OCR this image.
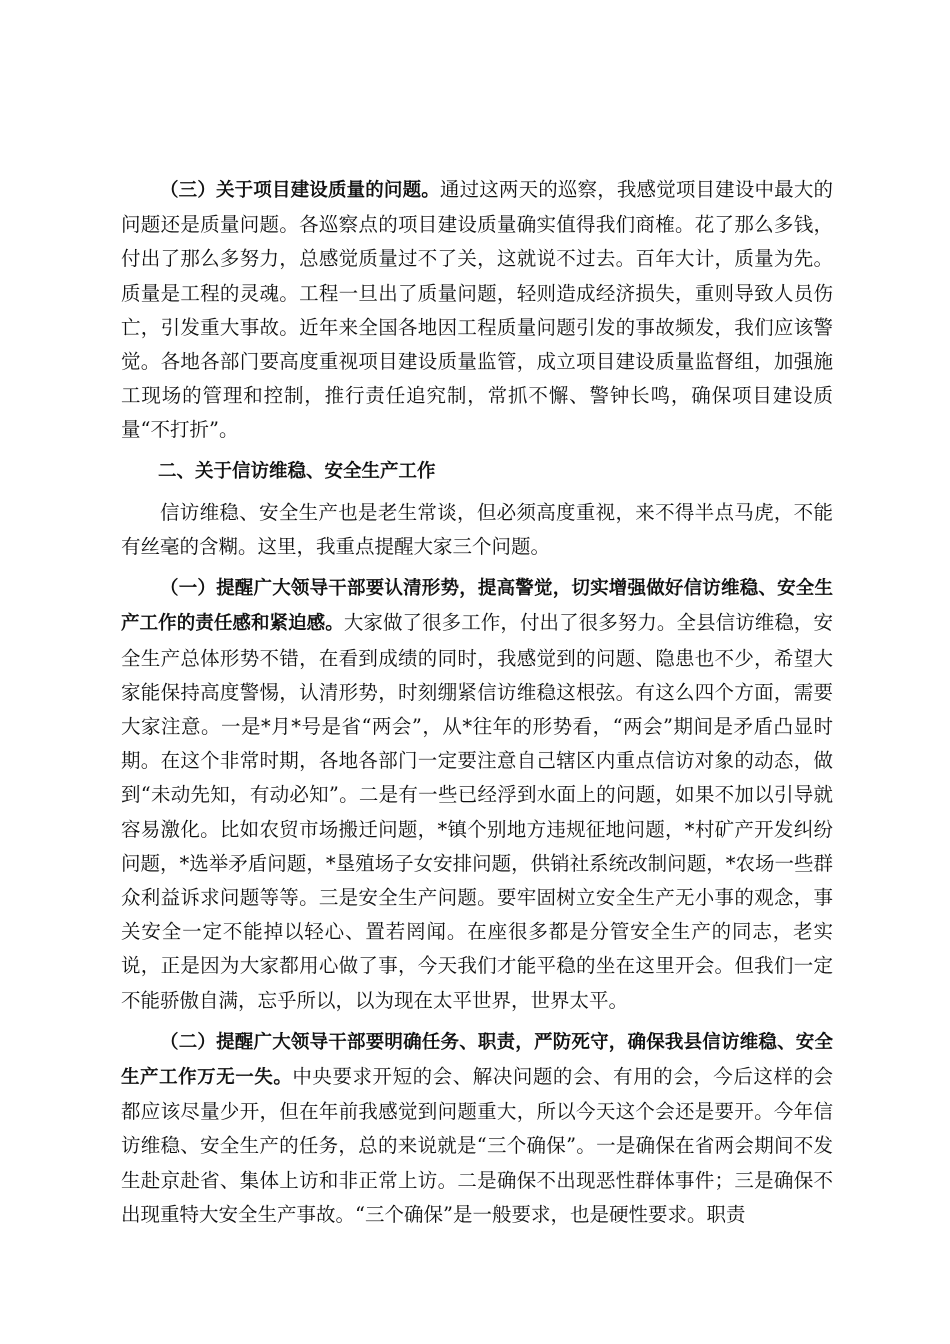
（三）关于项目建设质量的问题。通过这两天的巡察，我感觉项目建设中最大的问题还是质量问题。各巡察点的项目建设质量确实值得我们商榷。花了那么多钱，付出了那么多努力，总感觉质量过不了关，这就说不过去。百年大计，质量为先。质量是工程的灵魂。工程一旦出了质量问题，轻则造成经济损失，重则导致人员伤亡，引发重大事故。近年来全国各地因工程质量问题引发的事故频发，我们应该警觉。各地各部门要高度重视项目建设质量监管，成立项目建设质量监督组，加强施工现场的管理和控制，推行责任追究制，常抓不懈、警钟长鸣，确保项目建设质量“不打折”。

二、关于信访维稳、安全生产工作

信访维稳、安全生产也是老生常谈，但必须高度重视，来不得半点马虎，不能有丝毫的含糊。这里，我重点提醒大家三个问题。

（一）提醒广大领导干部要认清形势，提高警觉，切实增强做好信访维稳、安全生产工作的责任感和紧迫感。大家做了很多工作，付出了很多努力。全县信访维稳，安全生产总体形势不错，在看到成绩的同时，我感觉到的问题、隐患也不少，希望大家能保持高度警惕，认清形势，时刻绷紧信访维稳这根弦。有这么四个方面，需要大家注意。一是*月*号是省“两会”，从*往年的形势看，“两会”期间是矛盾凸显时期。在这个非常时期，各地各部门一定要注意自己辖区内重点信访对象的动态，做到“未动先知，有动必知”。二是有一些已经浮到水面上的问题，如果不加以引导就容易激化。比如农贸市场搬迁问题，*镇个别地方违规征地问题，*村矿产开发纠纷问题，*选举矛盾问题，*垦殖场子女安排问题，供销社系统改制问题，*农场一些群众利益诉求问题等等。三是安全生产问题。要牢固树立安全生产无小事的观念，事关安全一定不能掉以轻心、置若罔闻。在座很多都是分管安全生产的同志，老实说，正是因为大家都用心做了事，今天我们才能平稳的坐在这里开会。但我们一定不能骄傲自满，忘乎所以，以为现在太平世界，世界太平。

（二）提醒广大领导干部要明确任务、职责，严防死守，确保我县信访维稳、安全生产工作万无一失。中央要求开短的会、解决问题的会、有用的会，今后这样的会都应该尽量少开，但在年前我感觉到问题重大，所以今天这个会还是要开。今年信访维稳、安全生产的任务，总的来说就是“三个确保”。一是确保在省两会期间不发生赴京赴省、集体上访和非正常上访。二是确保不出现恶性群体事件；三是确保不出现重特大安全生产事故。“三个确保”是一般要求，也是硬性要求。职责
